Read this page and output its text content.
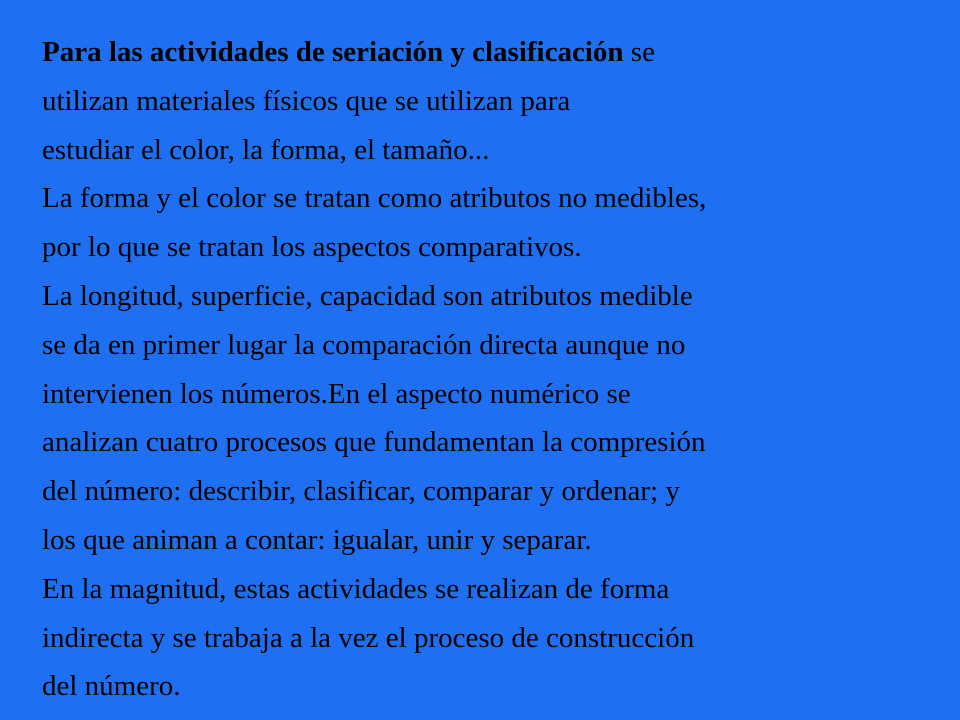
Para las actividades de seriación y clasificación se
utilizan materiales físicos que se utilizan para
estudiar el color, la forma, el tamaño...
La forma y el color se tratan como atributos no medibles,
por lo que se tratan los aspectos comparativos.
La longitud, superficie, capacidad son atributos medible
se da en primer lugar la comparación directa aunque no
intervienen los números.En el aspecto numérico se
analizan cuatro procesos que fundamentan la compresión
del número: describir, clasificar, comparar y ordenar; y
los que animan a contar: igualar, unir y separar.
En la magnitud, estas actividades se realizan de forma
indirecta y se trabaja a la vez el proceso de construcción
del número.
